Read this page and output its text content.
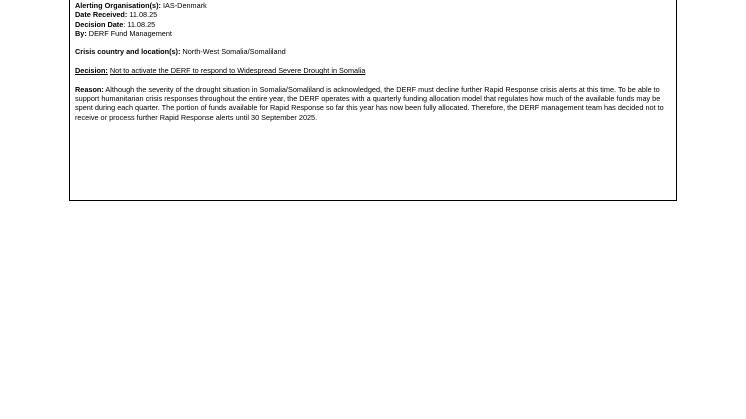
Alerting Organisation(s): IAS-Denmark

Date Received: 11.08.25

Decision Date: 11.08.25

By: DERF Fund Management

Crisis country and location(s): North-West Somalia/Somaliland

Decision: Not to activate the DERF to respond to Widespread Severe Drought in Somalia

Reason: Although the severity of the drought situation in Somalia/Somaliland is acknowledged, the DERF must decline further Rapid Response crisis alerts at this time. To be able to support humanitarian crisis responses throughout the entire year, the DERF operates with a quarterly funding allocation model that regulates how much of the available funds may be spent during each quarter. The portion of funds available for Rapid Response so far this year has now been fully allocated. Therefore, the DERF management team has decided not to receive or process further Rapid Response alerts until 30 September 2025.
